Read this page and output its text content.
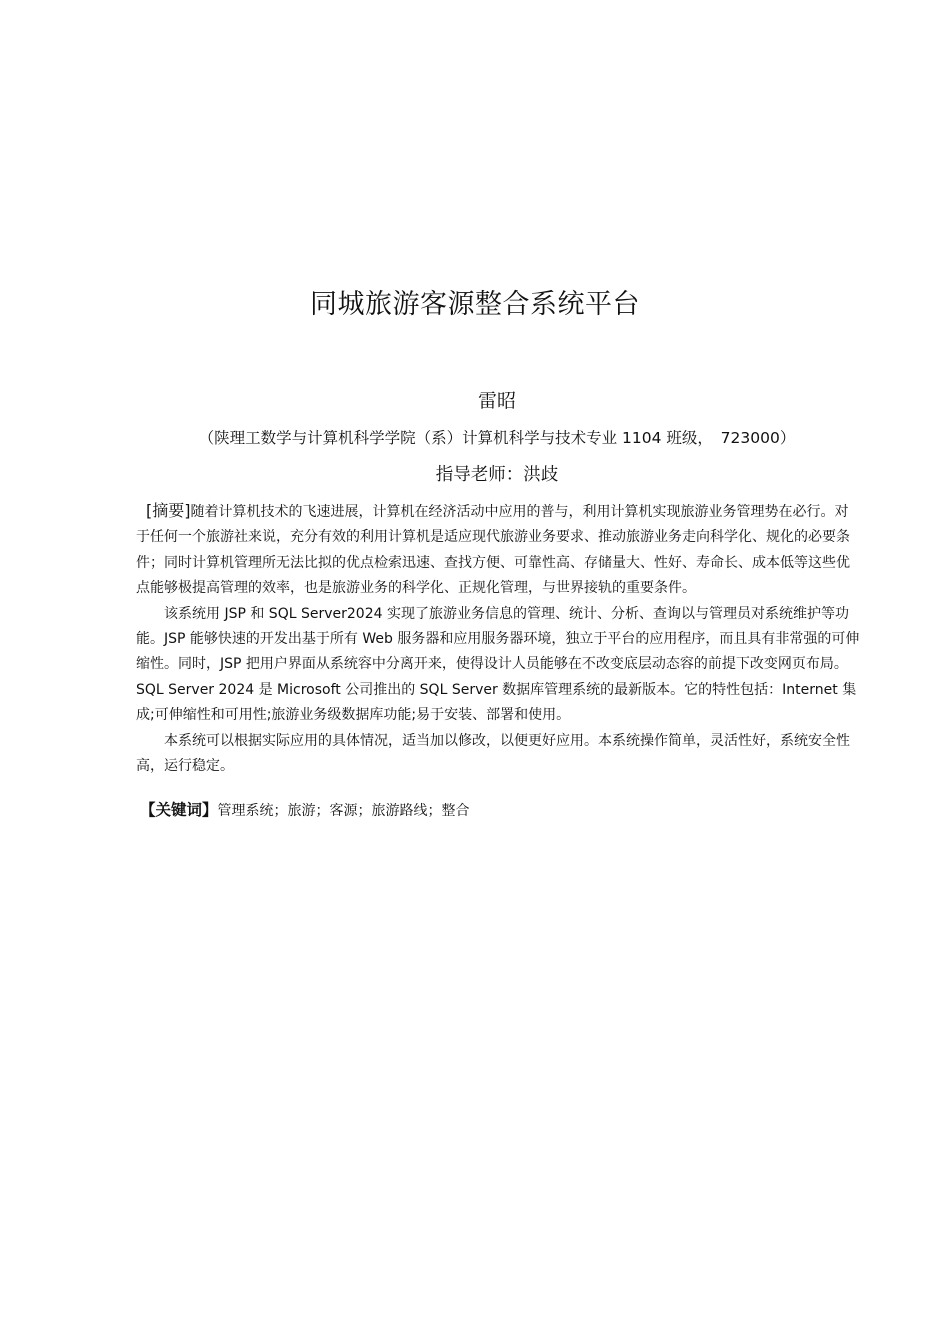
同城旅游客源整合系统平台
雷昭
（陕理工数学与计算机科学学院（系）计算机科学与技术专业 1104 班级，　723000）
指导老师：洪歧

[摘要]随着计算机技术的飞速进展，计算机在经济活动中应用的普与，利用计算机实现旅游业务管理势在必行。对于任何一个旅游社来说，充分有效的利用计算机是适应现代旅游业务要求、推动旅游业务走向科学化、规化的必要条件；同时计算机管理所无法比拟的优点检索迅速、查找方便、可靠性高、存储量大、性好、寿命长、成本低等这些优点能够极提高管理的效率，也是旅游业务的科学化、正规化管理，与世界接轨的重要条件。

该系统用 JSP 和 SQL Server2024 实现了旅游业务信息的管理、统计、分析、查询以与管理员对系统维护等功能。JSP 能够快速的开发出基于所有 Web 服务器和应用服务器环境，独立于平台的应用程序，而且具有非常强的可伸缩性。同时，JSP 把用户界面从系统容中分离开来，使得设计人员能够在不改变底层动态容的前提下改变网页布局。SQL Server 2024 是 Microsoft 公司推出的 SQL Server 数据库管理系统的最新版本。它的特性包括：Internet 集成;可伸缩性和可用性;旅游业务级数据库功能;易于安装、部署和使用。

本系统可以根据实际应用的具体情况，适当加以修改，以便更好应用。本系统操作简单，灵活性好，系统安全性高，运行稳定。

【关键词】管理系统；旅游；客源；旅游路线；整合
